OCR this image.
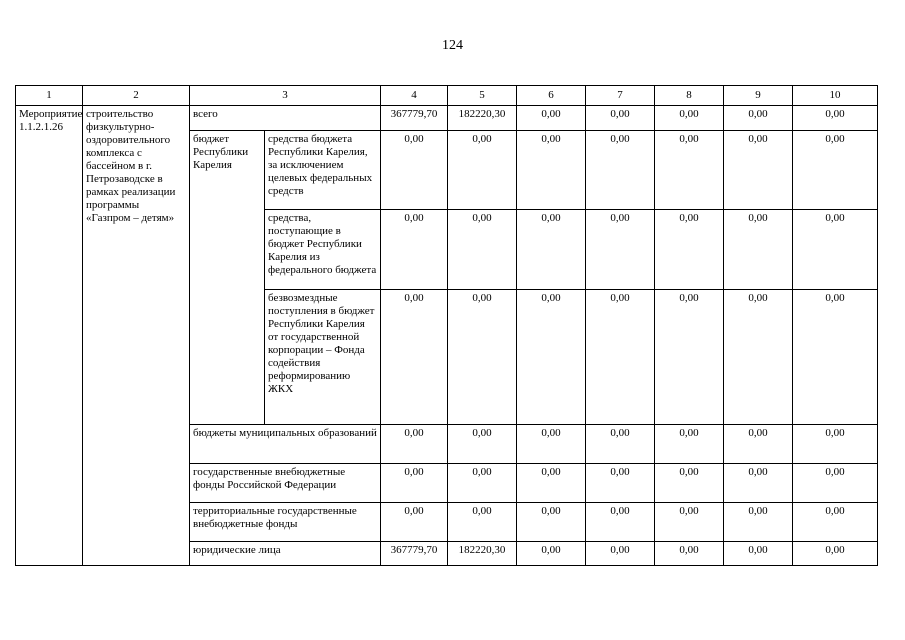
124
1	2	3		4	5	6	7	8	9	10
Мероприятие 1.1.2.1.26	строительство физкультурно-оздоровительного комплекса с бассейном в г. Петрозаводске в рамках реализации программы «Газпром – детям»	всего		367779,70	182220,30	0,00	0,00	0,00	0,00	0,00
		бюджет Республики Карелия	средства бюджета Республики Карелия, за исключением целевых федеральных средств	0,00	0,00	0,00	0,00	0,00	0,00	0,00
			средства, поступающие в бюджет Республики Карелия из федерального бюджета	0,00	0,00	0,00	0,00	0,00	0,00	0,00
			безвозмездные поступления в бюджет Республики Карелия от государственной корпорации – Фонда содействия реформированию ЖКХ	0,00	0,00	0,00	0,00	0,00	0,00	0,00
		бюджеты муниципальных образований		0,00	0,00	0,00	0,00	0,00	0,00	0,00
		государственные внебюджетные фонды Российской Федерации		0,00	0,00	0,00	0,00	0,00	0,00	0,00
		территориальные государственные внебюджетные фонды		0,00	0,00	0,00	0,00	0,00	0,00	0,00
		юридические лица		367779,70	182220,30	0,00	0,00	0,00	0,00	0,00
